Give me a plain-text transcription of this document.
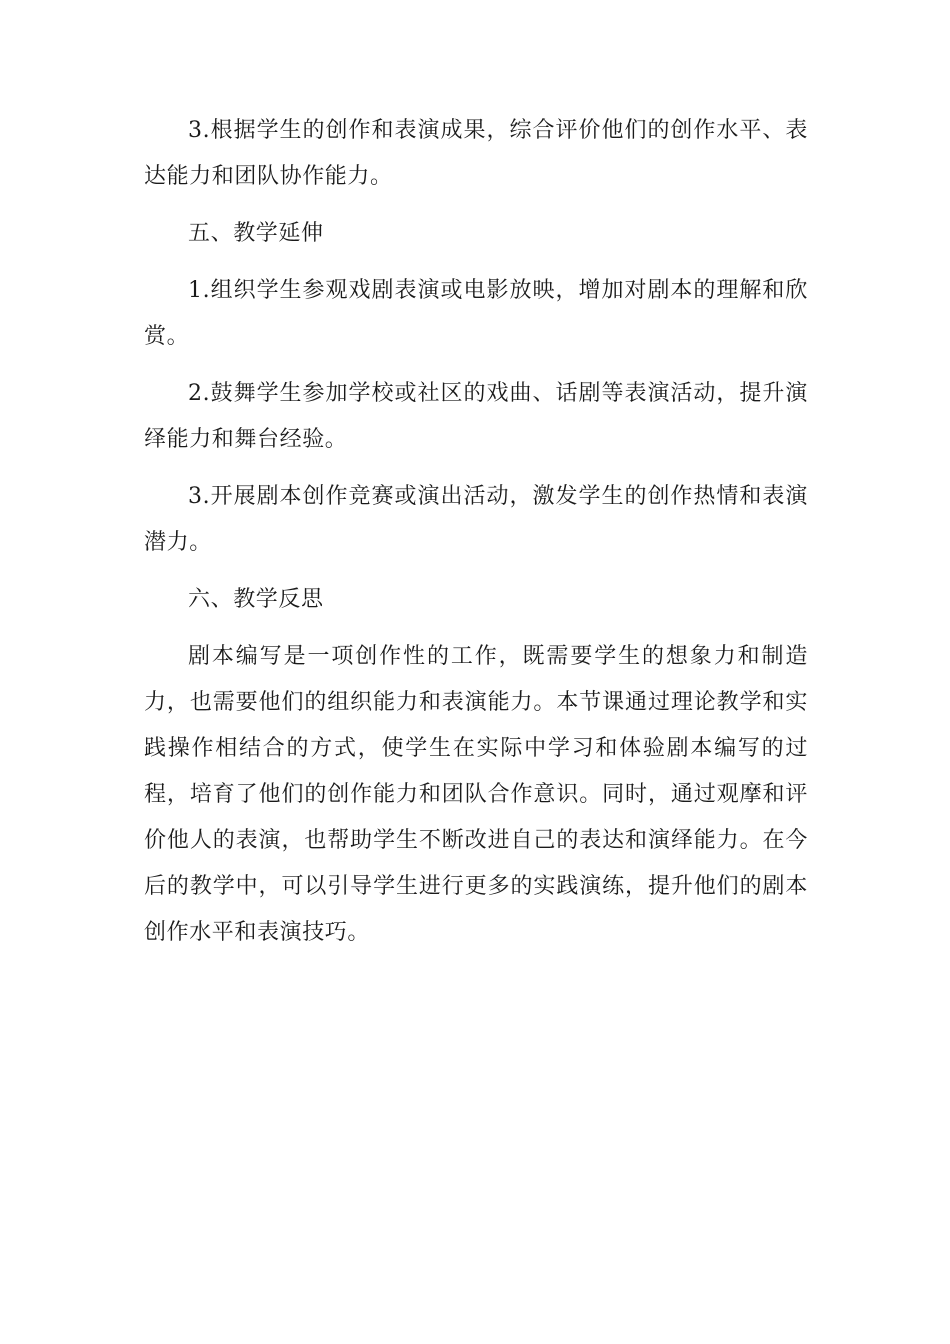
3.根据学生的创作和表演成果，综合评价他们的创作水平、表达能力和团队协作能力。

五、教学延伸

1.组织学生参观戏剧表演或电影放映，增加对剧本的理解和欣赏。

2.鼓舞学生参加学校或社区的戏曲、话剧等表演活动，提升演绎能力和舞台经验。

3.开展剧本创作竞赛或演出活动，激发学生的创作热情和表演潜力。

六、教学反思

剧本编写是一项创作性的工作，既需要学生的想象力和制造力，也需要他们的组织能力和表演能力。本节课通过理论教学和实践操作相结合的方式，使学生在实际中学习和体验剧本编写的过程，培育了他们的创作能力和团队合作意识。同时，通过观摩和评价他人的表演，也帮助学生不断改进自己的表达和演绎能力。在今后的教学中，可以引导学生进行更多的实践演练，提升他们的剧本创作水平和表演技巧。
